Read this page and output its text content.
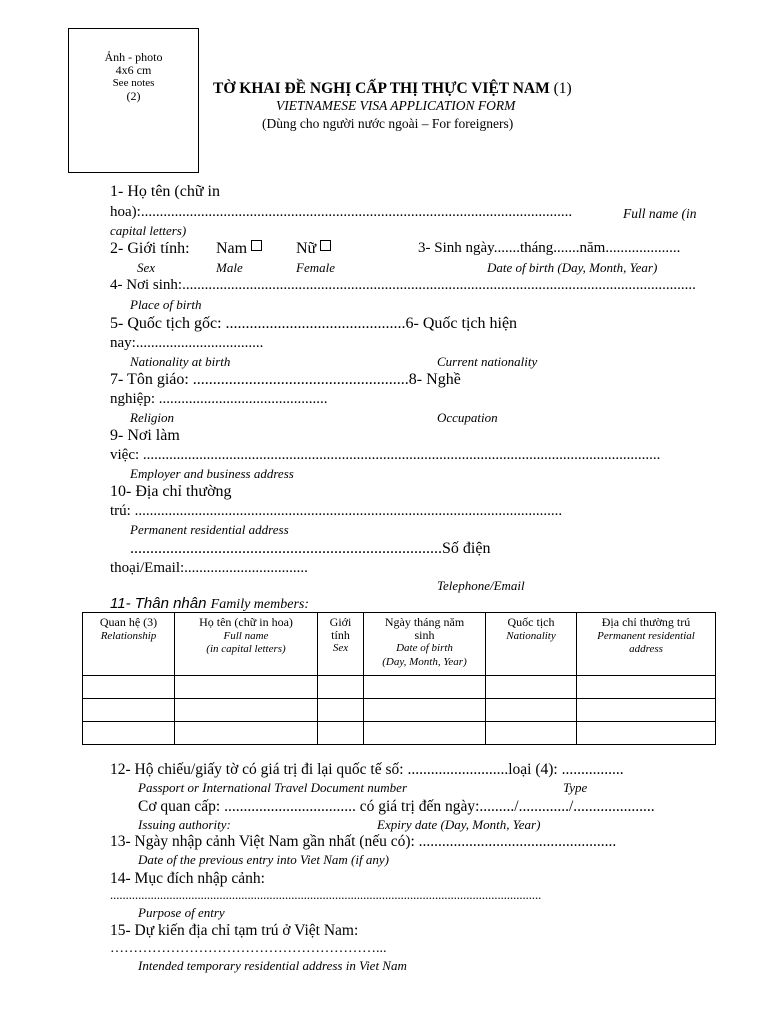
Ảnh - photo
4x6 cm
See notes
(2)	TỜ KHAI ĐỀ NGHỊ CẤP THỊ THỰC VIỆT NAM (1)
VIETNAMESE VISA APPLICATION FORM
(Dùng cho người nước ngoài – For foreigners)
1- Họ tên (chữ in
hoa):...................................................................................................................	Full name (in
capital letters)
2- Giới tính: Nam	Nữ	3- Sinh ngày.......tháng.......năm....................
Sex	Male	Female	Date of birth (Day, Month, Year)
4- Nơi sinh:.........................................................................................................................................
Place of birth
5- Quốc tịch gốc: .............................................6- Quốc tịch hiện
nay:..................................
Nationality at birth	Current nationality
7- Tôn giáo: ......................................................8- Nghề
nghiệp: .............................................
Religion	Occupation
9- Nơi làm
việc: ..........................................................................................................................................
Employer and business address
10- Địa chỉ thường
trú: ..................................................................................................................
Permanent residential address
..............................................................................Số điện
thoại/Email:.................................
Telephone/Email
11- Thân nhân Family members:
Quan hệ (3)
Relationship	Họ tên (chữ in hoa)
Full name
(in capital letters)	Giới
tính
Sex	Ngày tháng năm
sinh
Date of birth
(Day, Month, Year)	Quốc tịch
Nationality	Địa chỉ thường trú
Permanent residential
address

12- Hộ chiếu/giấy tờ có giá trị đi lại quốc tế số: ..........................loại (4): ................
Passport or International Travel Document number	Type
Cơ quan cấp: .................................. có giá trị đến ngày:........./............./.....................
Issuing authority:	Expiry date (Day, Month, Year)
13- Ngày nhập cảnh Việt Nam gần nhất (nếu có): ...................................................
Date of the previous entry into Viet Nam (if any)
14- Mục đích nhập cảnh:
..........................................................................................................................................
Purpose of entry
15- Dự kiến địa chỉ tạm trú ở Việt Nam:
…………………………………………………...
Intended temporary residential address in Viet Nam
